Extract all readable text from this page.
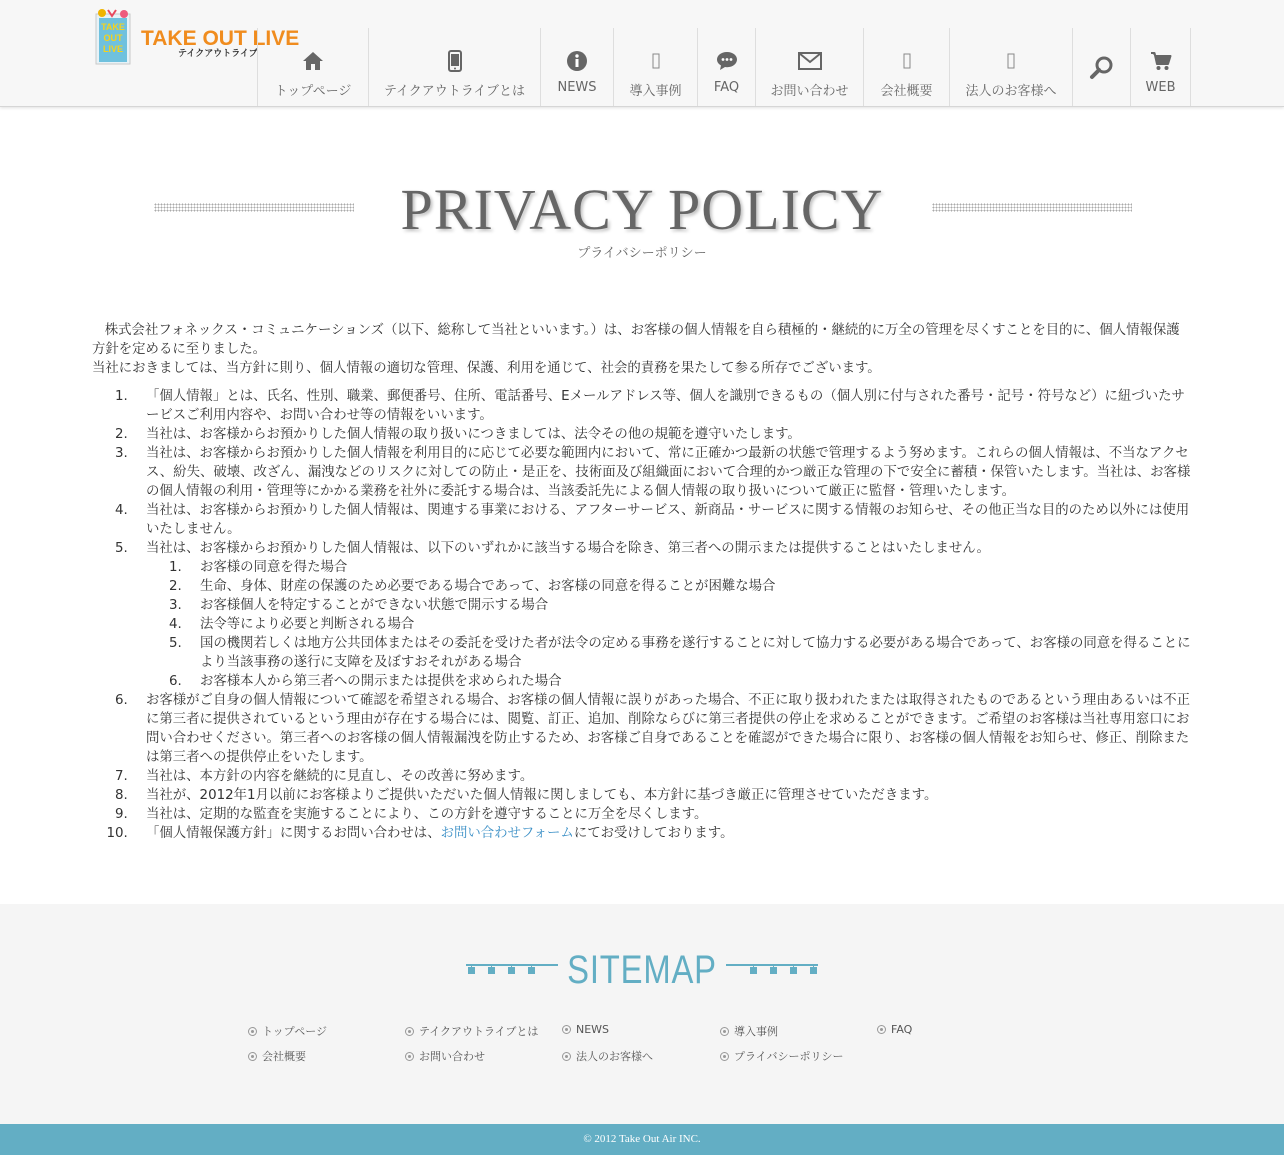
TAKE
OUT
LIVE TAKE OUT LIVE
テイクアウトライブ
トップページ	テイクアウトライブとは NEWS	導入事例 FAQ お問い合わせ 会社概要	法人のお客様へ	WEB
PRIVACY POLICY
プライバシーポリシー

株式会社フォネックス・コミュニケーションズ（以下、総称して当社といいます。）は、お客様の個人情報を自ら積極的・継続的に万全の管理を尽くすことを目的に、個人情報保護方針を定めるに至りました。

当社におきましては、当方針に則り、個人情報の適切な管理、保護、利用を通じて、社会的責務を果たして参る所存でございます。

1. 「個人情報」とは、氏名、性別、職業、郵便番号、住所、電話番号、Eメールアドレス等、個人を識別できるもの（個人別に付与された番号・記号・符号など）に紐づいたサービスご利用内容や、お問い合わせ等の情報をいいます。
2. 当社は、お客様からお預かりした個人情報の取り扱いにつきましては、法令その他の規範を遵守いたします。
3. 当社は、お客様からお預かりした個人情報を利用目的に応じて必要な範囲内において、常に正確かつ最新の状態で管理するよう努めます。これらの個人情報は、不当なアクセス、紛失、破壊、改ざん、漏洩などのリスクに対しての防止・是正を、技術面及び組織面において合理的かつ厳正な管理の下で安全に蓄積・保管いたします。当社は、お客様の個人情報の利用・管理等にかかる業務を社外に委託する場合は、当該委託先による個人情報の取り扱いについて厳正に監督・管理いたします。
4. 当社は、お客様からお預かりした個人情報は、関連する事業における、アフターサービス、新商品・サービスに関する情報のお知らせ、その他正当な目的のため以外には使用いたしません。
5. 当社は、お客様からお預かりした個人情報は、以下のいずれかに該当する場合を除き、第三者への開示または提供することはいたしません。
1. お客様の同意を得た場合
2. 生命、身体、財産の保護のため必要である場合であって、お客様の同意を得ることが困難な場合
3. お客様個人を特定することができない状態で開示する場合
4. 法令等により必要と判断される場合
5. 国の機関若しくは地方公共団体またはその委託を受けた者が法令の定める事務を遂行することに対して協力する必要がある場合であって、お客様の同意を得ることにより当該事務の遂行に支障を及ぼすおそれがある場合
6. お客様本人から第三者への開示または提供を求められた場合
6. お客様がご自身の個人情報について確認を希望される場合、お客様の個人情報に誤りがあった場合、不正に取り扱われたまたは取得されたものであるという理由あるいは不正に第三者に提供されているという理由が存在する場合には、閲覧、訂正、追加、削除ならびに第三者提供の停止を求めることができます。ご希望のお客様は当社専用窓口にお問い合わせください。第三者へのお客様の個人情報漏洩を防止するため、お客様ご自身であることを確認ができた場合に限り、お客様の個人情報をお知らせ、修正、削除または第三者への提供停止をいたします。
7. 当社は、本方針の内容を継続的に見直し、その改善に努めます。
8. 当社が、2012年1月以前にお客様よりご提供いただいた個人情報に関しましても、本方針に基づき厳正に管理させていただきます。
9. 当社は、定期的な監査を実施することにより、この方針を遵守することに万全を尽くします。
10. 「個人情報保護方針」に関するお問い合わせは、お問い合わせフォームにてお受けしております。
SITEMAP
トップページ	テイクアウトライブとは	NEWS	導入事例	FAQ
会社概要	お問い合わせ	法人のお客様へ	プライバシーポリシー
© 2012 Take Out Air INC.
